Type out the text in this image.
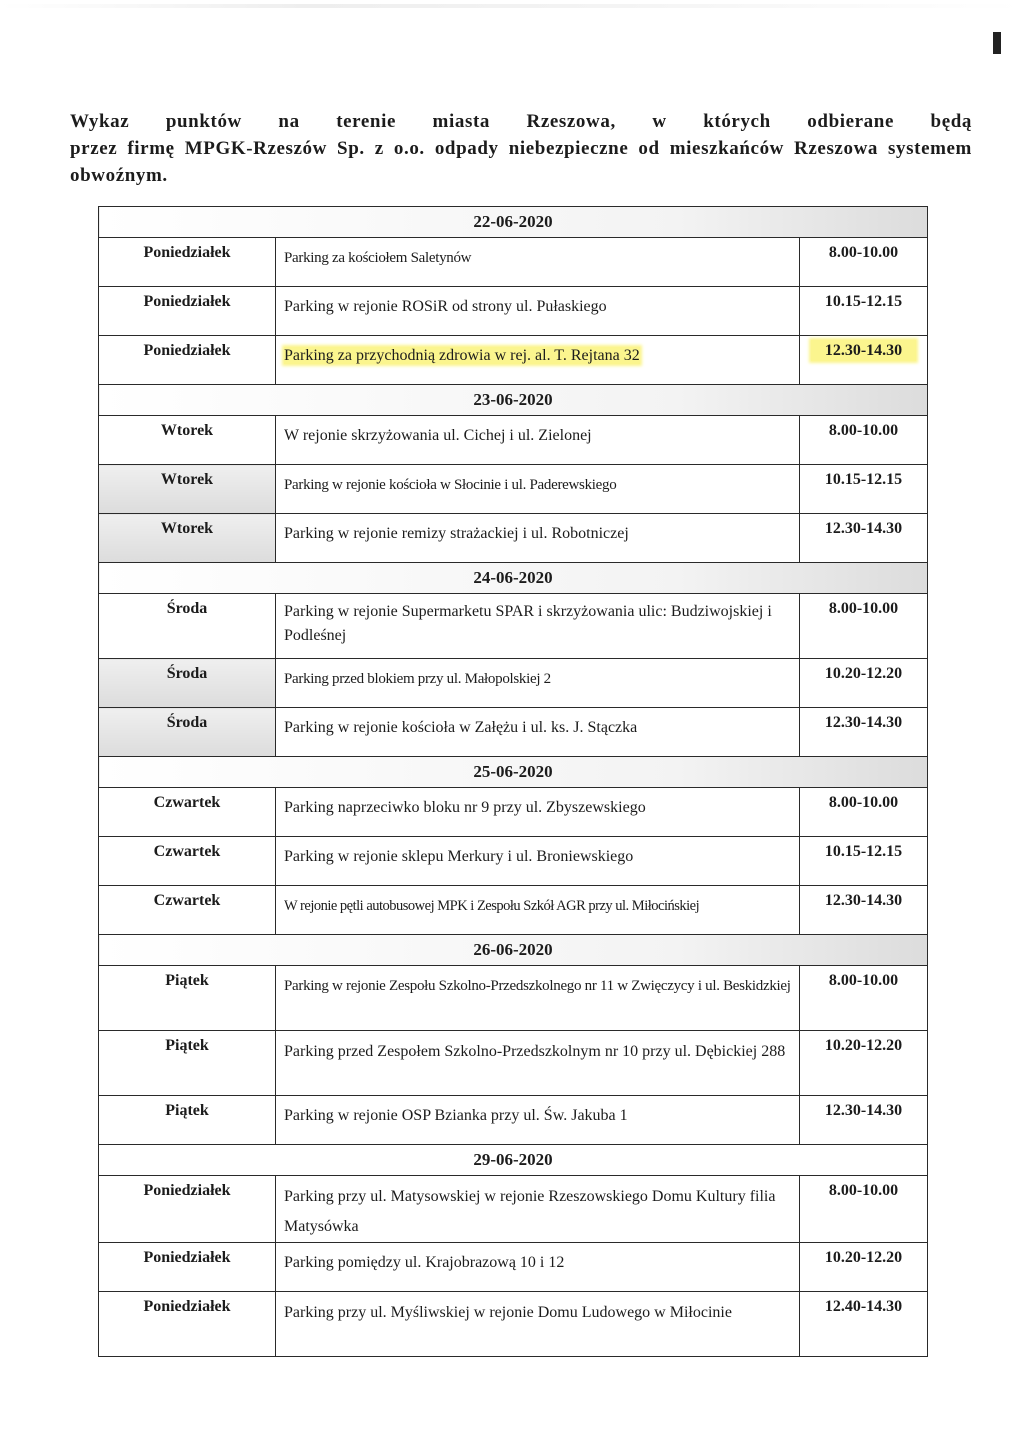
Wykaz punktów na terenie miasta Rzeszowa, w których odbierane będą
przez firmę MPGK-Rzeszów Sp. z o.o. odpady niebezpieczne od mieszkańców Rzeszowa systemem
obwoźnym.
22-06-2020		
Poniedziałek	Parking za kościołem Saletynów	8.00-10.00
Poniedziałek	Parking w rejonie ROSiR od strony ul. Pułaskiego	10.15-12.15
Poniedziałek	Parking za przychodnią zdrowia w rej. al. T. Rejtana 32	12.30-14.30
23-06-2020		
Wtorek	W rejonie skrzyżowania ul. Cichej i ul. Zielonej	8.00-10.00
Wtorek	Parking w rejonie kościoła w Słocinie i ul. Paderewskiego	10.15-12.15
Wtorek	Parking w rejonie remizy strażackiej i ul. Robotniczej	12.30-14.30
24-06-2020		
Środa	Parking w rejonie Supermarketu SPAR i skrzyżowania ulic: Budziwojskiej i Podleśnej	8.00-10.00
Środa	Parking przed blokiem przy ul. Małopolskiej 2	10.20-12.20
Środa	Parking w rejonie kościoła w Załężu i ul. ks. J. Stączka	12.30-14.30
25-06-2020		
Czwartek	Parking naprzeciwko bloku nr 9 przy ul. Zbyszewskiego	8.00-10.00
Czwartek	Parking w rejonie sklepu Merkury i ul. Broniewskiego	10.15-12.15
Czwartek	W rejonie pętli autobusowej MPK i Zespołu Szkół AGR przy ul. Miłocińskiej	12.30-14.30
26-06-2020		
Piątek	Parking w rejonie Zespołu Szkolno-Przedszkolnego nr 11 w Zwięczycy i ul. Beskidzkiej	8.00-10.00
Piątek	Parking przed Zespołem Szkolno-Przedszkolnym nr 10 przy ul. Dębickiej 288	10.20-12.20
Piątek	Parking w rejonie OSP Bzianka przy ul. Św. Jakuba 1	12.30-14.30
29-06-2020		
Poniedziałek	Parking przy ul. Matysowskiej w rejonie Rzeszowskiego Domu Kultury filia Matysówka	8.00-10.00
Poniedziałek	Parking pomiędzy ul. Krajobrazową 10 i 12	10.20-12.20
Poniedziałek	Parking przy ul. Myśliwskiej w rejonie Domu Ludowego w Miłocinie	12.40-14.30
